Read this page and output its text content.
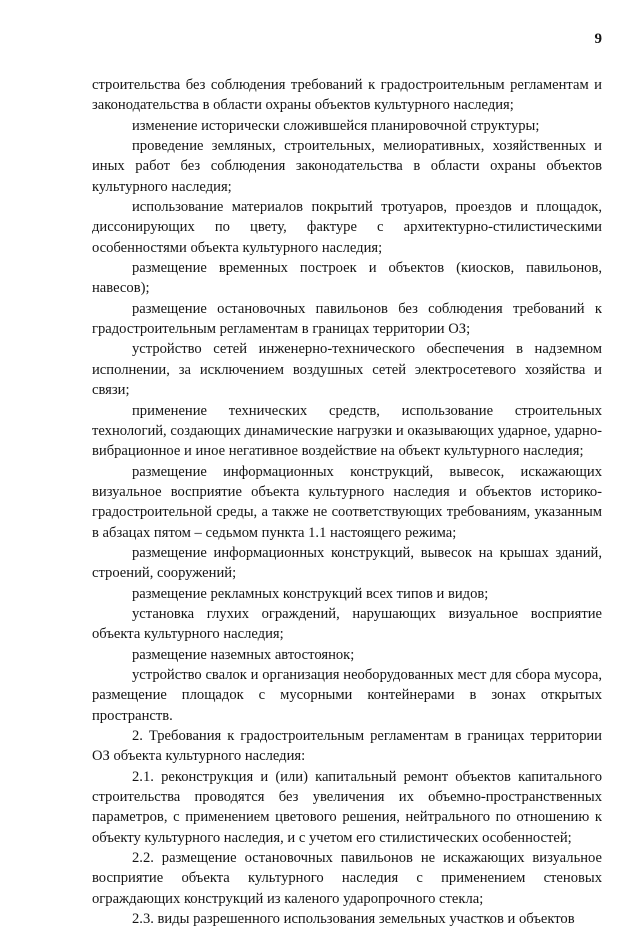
9

строительства без соблюдения требований к градостроительным регламентам и законодательства в области охраны объектов культурного наследия;

изменение исторически сложившейся планировочной структуры;

проведение земляных, строительных, мелиоративных, хозяйственных и иных работ без соблюдения законодательства в области охраны объектов культурного наследия;

использование материалов покрытий тротуаров, проездов и площадок, диссонирующих по цвету, фактуре с архитектурно-стилистическими особенностями объекта культурного наследия;

размещение временных построек и объектов (киосков, павильонов, навесов);

размещение остановочных павильонов без соблюдения требований к градостроительным регламентам в границах территории ОЗ;

устройство сетей инженерно-технического обеспечения в надземном исполнении, за исключением воздушных сетей электросетевого хозяйства и связи;

применение технических средств, использование строительных технологий, создающих динамические нагрузки и оказывающих ударное, ударно-вибрационное и иное негативное воздействие на объект культурного наследия;

размещение информационных конструкций, вывесок, искажающих визуальное восприятие объекта культурного наследия и объектов историко-градостроительной среды, а также не соответствующих требованиям, указанным в абзацах пятом – седьмом пункта 1.1 настоящего режима;

размещение информационных конструкций, вывесок на крышах зданий, строений, сооружений;

размещение рекламных конструкций всех типов и видов;

установка глухих ограждений, нарушающих визуальное восприятие объекта культурного наследия;

размещение наземных автостоянок;

устройство свалок и организация необорудованных мест для сбора мусора, размещение площадок с мусорными контейнерами в зонах открытых пространств.

2. Требования к градостроительным регламентам в границах территории ОЗ объекта культурного наследия:

2.1. реконструкция и (или) капитальный ремонт объектов капитального строительства проводятся без увеличения их объемно-пространственных параметров, с применением цветового решения, нейтрального по отношению к объекту культурного наследия, и с учетом его стилистических особенностей;

2.2. размещение остановочных павильонов не искажающих визуальное восприятие объекта культурного наследия с применением стеновых ограждающих конструкций из каленого ударопрочного стекла;

2.3. виды разрешенного использования земельных участков и объектов
